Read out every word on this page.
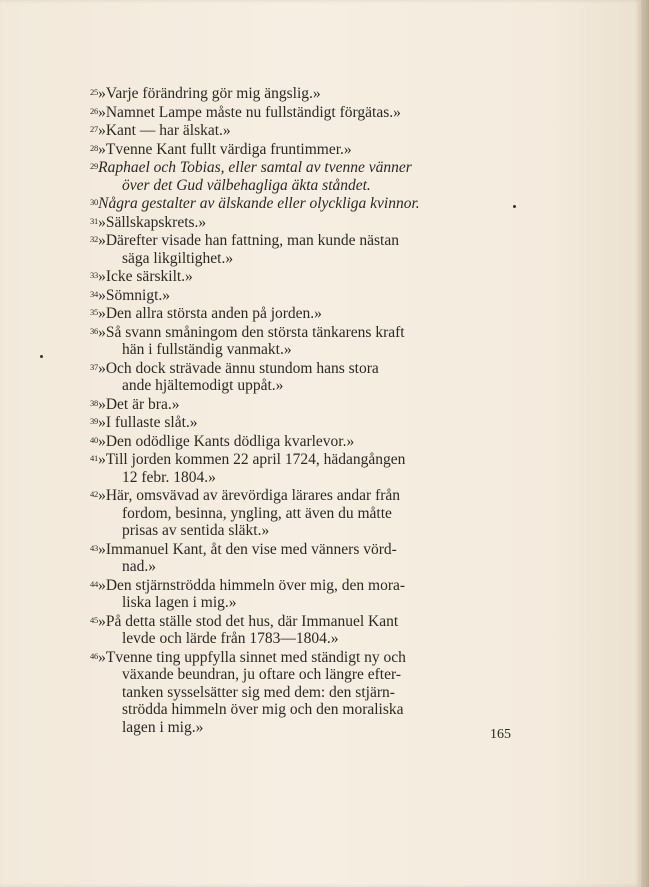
25»Varje förändring gör mig ängslig.»
26»Namnet Lampe måste nu fullständigt förgätas.»
27»Kant — har älskat.»
28»Tvenne Kant fullt värdiga fruntimmer.»
29Raphael och Tobias, eller samtal av tvenne vänner
över det Gud välbehagliga äkta ståndet.
30Några gestalter av älskande eller olyckliga kvinnor.
31»Sällskapskrets.»
32»Därefter visade han fattning, man kunde nästan
säga likgiltighet.»
33»Icke särskilt.»
34»Sömnigt.»
35»Den allra största anden på jorden.»
36»Så svann småningom den största tänkarens kraft
hän i fullständig vanmakt.»
37»Och dock strävade ännu stundom hans stora
ande hjältemodigt uppåt.»
38»Det är bra.»
39»I fullaste slåt.»
40»Den odödlige Kants dödliga kvarlevor.»
41»Till jorden kommen 22 april 1724, hädangången
12 febr. 1804.»
42»Här, omsvävad av ärevördiga lärares andar från
fordom, besinna, yngling, att även du måtte
prisas av sentida släkt.»
43»Immanuel Kant, åt den vise med vänners vörd-
nad.»
44»Den stjärnströdda himmeln över mig, den mora-
liska lagen i mig.»
45»På detta ställe stod det hus, där Immanuel Kant
levde och lärde från 1783—1804.»
46»Tvenne ting uppfylla sinnet med ständigt ny och
växande beundran, ju oftare och längre efter-
tanken sysselsätter sig med dem: den stjärn-
strödda himmeln över mig och den moraliska
lagen i mig.»	165
